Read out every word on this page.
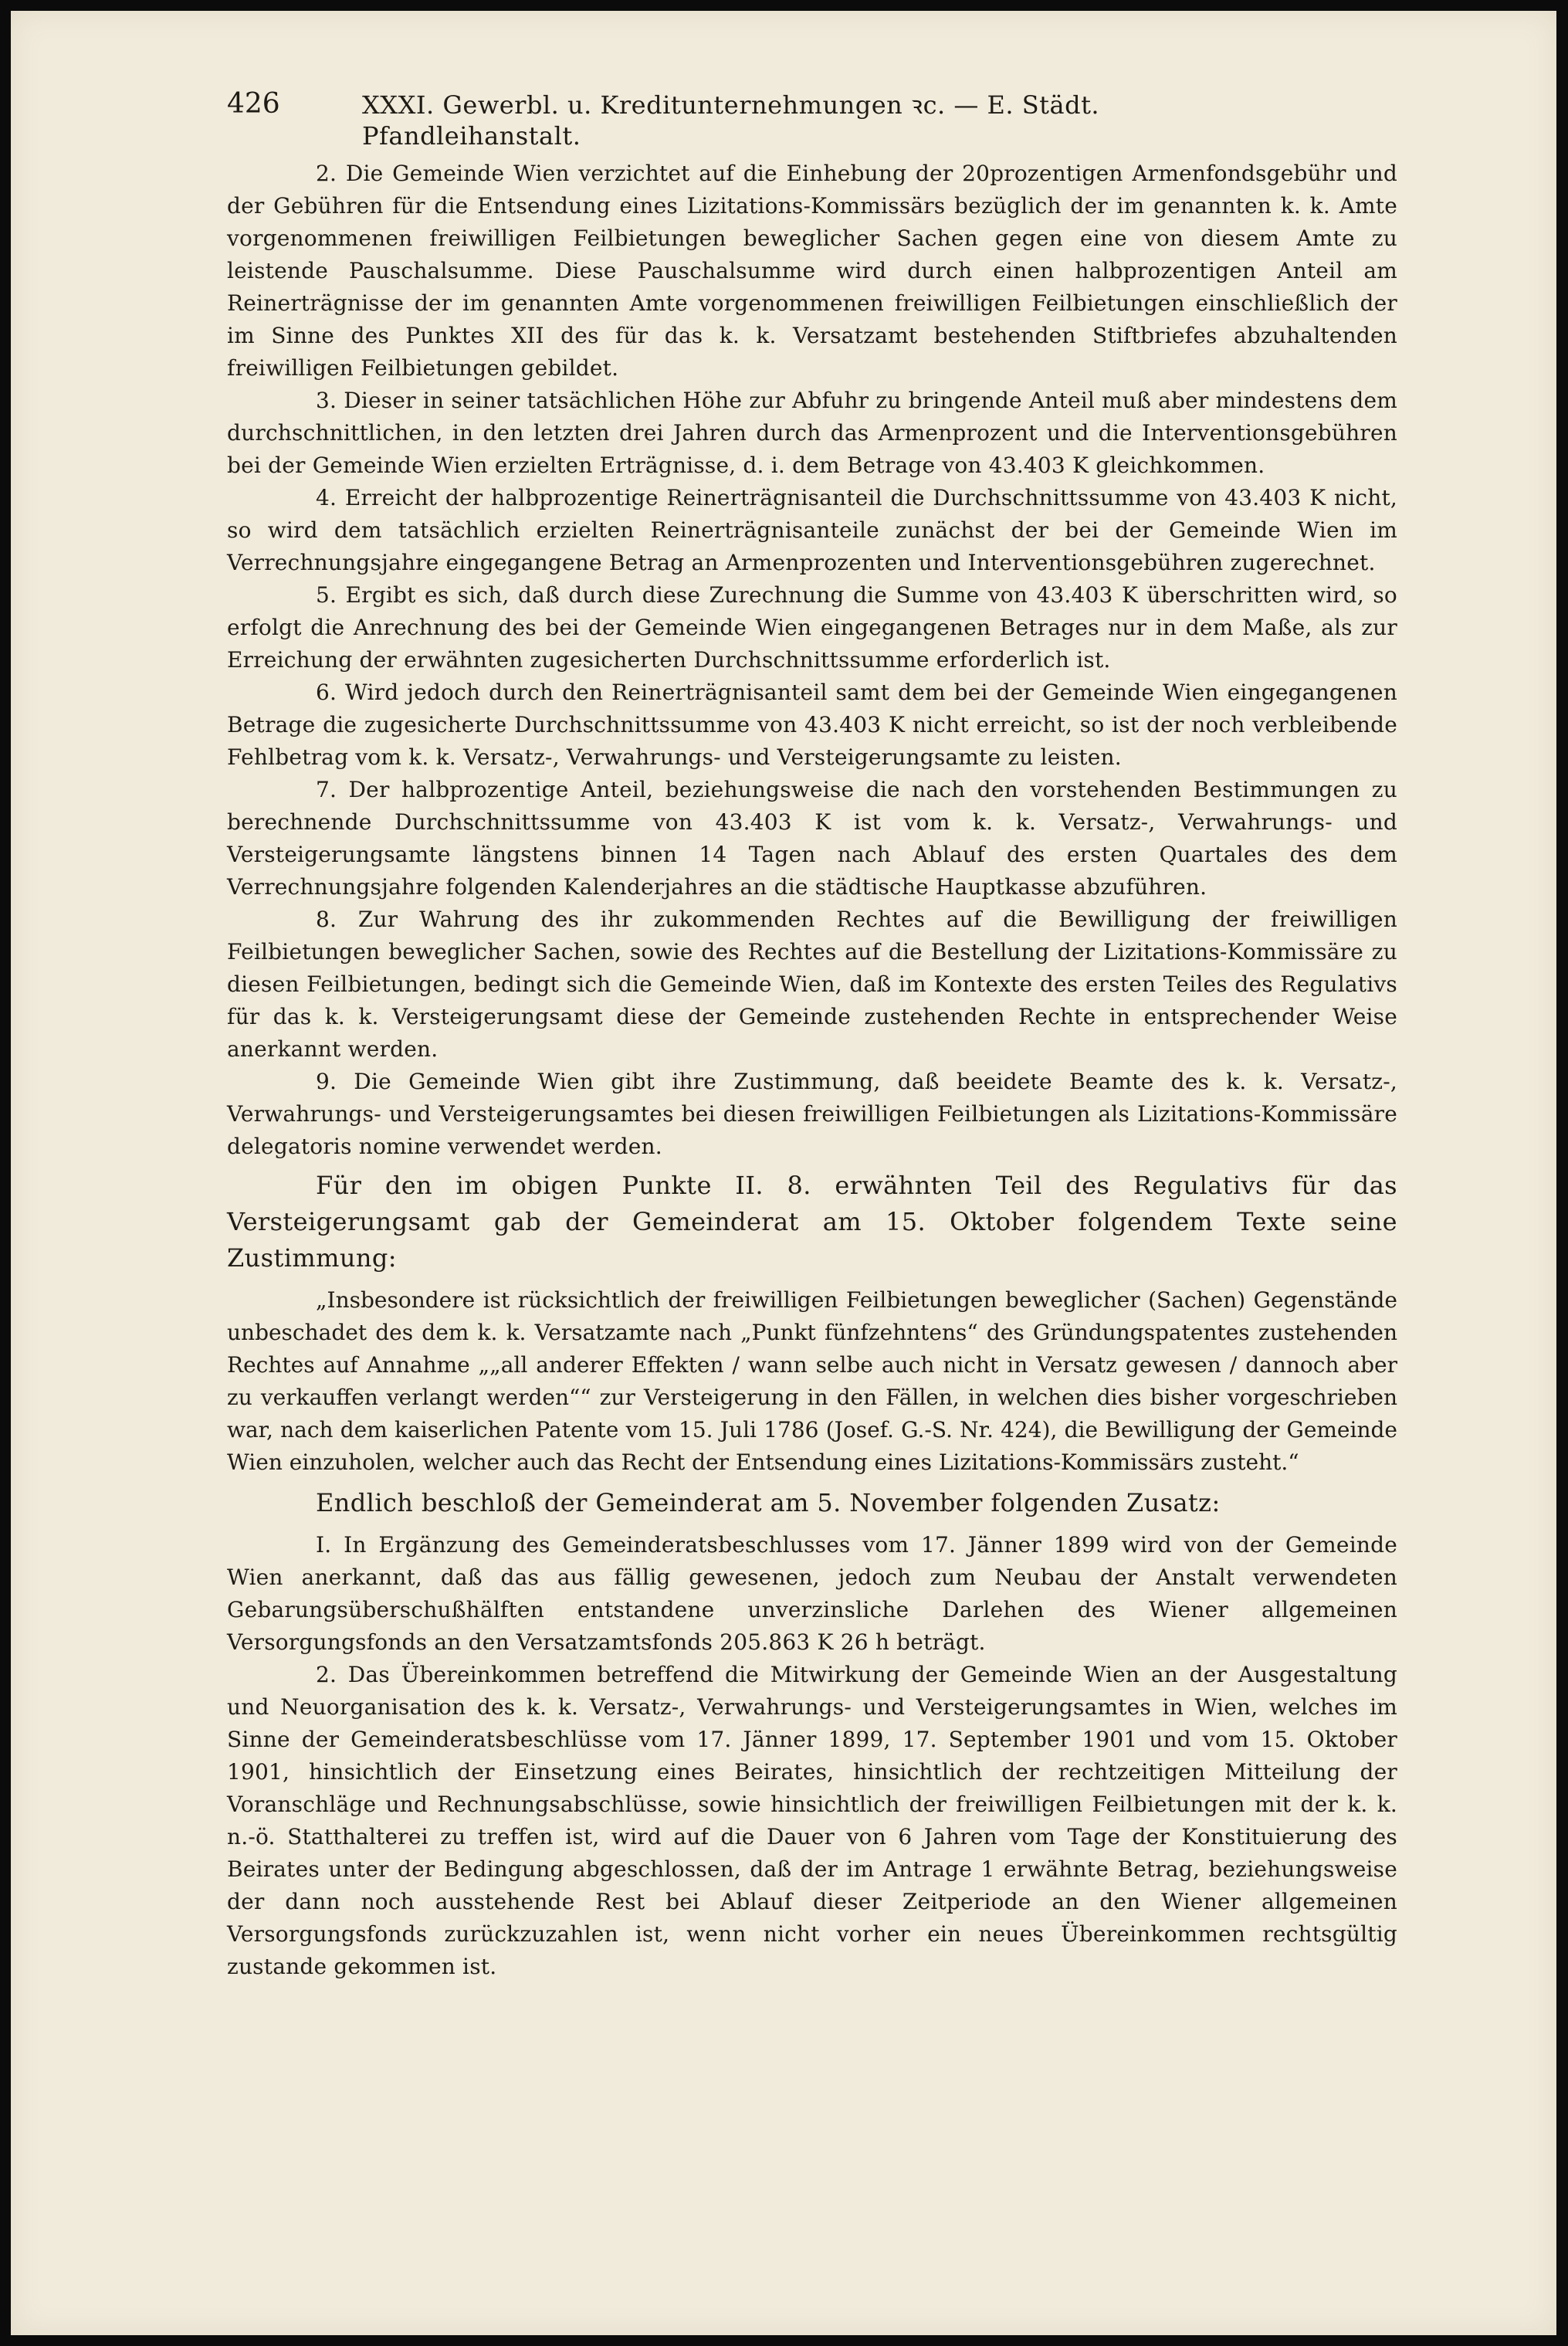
426	XXXI. Gewerbl. u. Kreditunternehmungen ꝛc. — E. Städt. Pfandleihanstalt.

2. Die Gemeinde Wien verzichtet auf die Einhebung der 20prozentigen Armenfondsgebühr und der Gebühren für die Entsendung eines Lizitations-Kommissärs bezüglich der im genannten k. k. Amte vorgenommenen freiwilligen Feilbietungen beweglicher Sachen gegen eine von diesem Amte zu leistende Pauschalsumme. Diese Pauschalsumme wird durch einen halbprozentigen Anteil am Reinerträgnisse der im genannten Amte vorgenommenen freiwilligen Feilbietungen einschließlich der im Sinne des Punktes XII des für das k. k. Versatzamt bestehenden Stiftbriefes abzuhaltenden freiwilligen Feilbietungen gebildet.

3. Dieser in seiner tatsächlichen Höhe zur Abfuhr zu bringende Anteil muß aber mindestens dem durchschnittlichen, in den letzten drei Jahren durch das Armenprozent und die Interventionsgebühren bei der Gemeinde Wien erzielten Erträgnisse, d. i. dem Betrage von 43.403 K gleichkommen.

4. Erreicht der halbprozentige Reinerträgnisanteil die Durchschnittssumme von 43.403 K nicht, so wird dem tatsächlich erzielten Reinerträgnisanteile zunächst der bei der Gemeinde Wien im Verrechnungsjahre eingegangene Betrag an Armenprozenten und Interventionsgebühren zugerechnet.

5. Ergibt es sich, daß durch diese Zurechnung die Summe von 43.403 K überschritten wird, so erfolgt die Anrechnung des bei der Gemeinde Wien eingegangenen Betrages nur in dem Maße, als zur Erreichung der erwähnten zugesicherten Durchschnittssumme erforderlich ist.

6. Wird jedoch durch den Reinerträgnisanteil samt dem bei der Gemeinde Wien eingegangenen Betrage die zugesicherte Durchschnittssumme von 43.403 K nicht erreicht, so ist der noch verbleibende Fehlbetrag vom k. k. Versatz-, Verwahrungs- und Versteigerungsamte zu leisten.

7. Der halbprozentige Anteil, beziehungsweise die nach den vorstehenden Bestimmungen zu berechnende Durchschnittssumme von 43.403 K ist vom k. k. Versatz-, Verwahrungs- und Versteigerungsamte längstens binnen 14 Tagen nach Ablauf des ersten Quartales des dem Verrechnungsjahre folgenden Kalenderjahres an die städtische Hauptkasse abzuführen.

8. Zur Wahrung des ihr zukommenden Rechtes auf die Bewilligung der freiwilligen Feilbietungen beweglicher Sachen, sowie des Rechtes auf die Bestellung der Lizitations-Kommissäre zu diesen Feilbietungen, bedingt sich die Gemeinde Wien, daß im Kontexte des ersten Teiles des Regulativs für das k. k. Versteigerungsamt diese der Gemeinde zustehenden Rechte in entsprechender Weise anerkannt werden.

9. Die Gemeinde Wien gibt ihre Zustimmung, daß beeidete Beamte des k. k. Versatz-, Verwahrungs- und Versteigerungsamtes bei diesen freiwilligen Feilbietungen als Lizitations-Kommissäre delegatoris nomine verwendet werden.

Für den im obigen Punkte II. 8. erwähnten Teil des Regulativs für das Versteigerungsamt gab der Gemeinderat am 15. Oktober folgendem Texte seine Zustimmung:

„Insbesondere ist rücksichtlich der freiwilligen Feilbietungen beweglicher (Sachen) Gegenstände unbeschadet des dem k. k. Versatzamte nach „Punkt fünfzehntens“ des Gründungspatentes zustehenden Rechtes auf Annahme „„all anderer Effekten / wann selbe auch nicht in Versatz gewesen / dannoch aber zu verkauffen verlangt werden““ zur Versteigerung in den Fällen, in welchen dies bisher vorgeschrieben war, nach dem kaiserlichen Patente vom 15. Juli 1786 (Josef. G.-S. Nr. 424), die Bewilligung der Gemeinde Wien einzuholen, welcher auch das Recht der Entsendung eines Lizitations-Kommissärs zusteht.“

Endlich beschloß der Gemeinderat am 5. November folgenden Zusatz:

I. In Ergänzung des Gemeinderatsbeschlusses vom 17. Jänner 1899 wird von der Gemeinde Wien anerkannt, daß das aus fällig gewesenen, jedoch zum Neubau der Anstalt verwendeten Gebarungsüberschußhälften entstandene unverzinsliche Darlehen des Wiener allgemeinen Versorgungsfonds an den Versatzamtsfonds 205.863 K 26 h beträgt.

2. Das Übereinkommen betreffend die Mitwirkung der Gemeinde Wien an der Ausgestaltung und Neuorganisation des k. k. Versatz-, Verwahrungs- und Versteigerungsamtes in Wien, welches im Sinne der Gemeinderatsbeschlüsse vom 17. Jänner 1899, 17. September 1901 und vom 15. Oktober 1901, hinsichtlich der Einsetzung eines Beirates, hinsichtlich der rechtzeitigen Mitteilung der Voranschläge und Rechnungsabschlüsse, sowie hinsichtlich der freiwilligen Feilbietungen mit der k. k. n.-ö. Statthalterei zu treffen ist, wird auf die Dauer von 6 Jahren vom Tage der Konstituierung des Beirates unter der Bedingung abgeschlossen, daß der im Antrage 1 erwähnte Betrag, beziehungsweise der dann noch ausstehende Rest bei Ablauf dieser Zeitperiode an den Wiener allgemeinen Versorgungsfonds zurückzuzahlen ist, wenn nicht vorher ein neues Übereinkommen rechtsgültig zustande gekommen ist.
